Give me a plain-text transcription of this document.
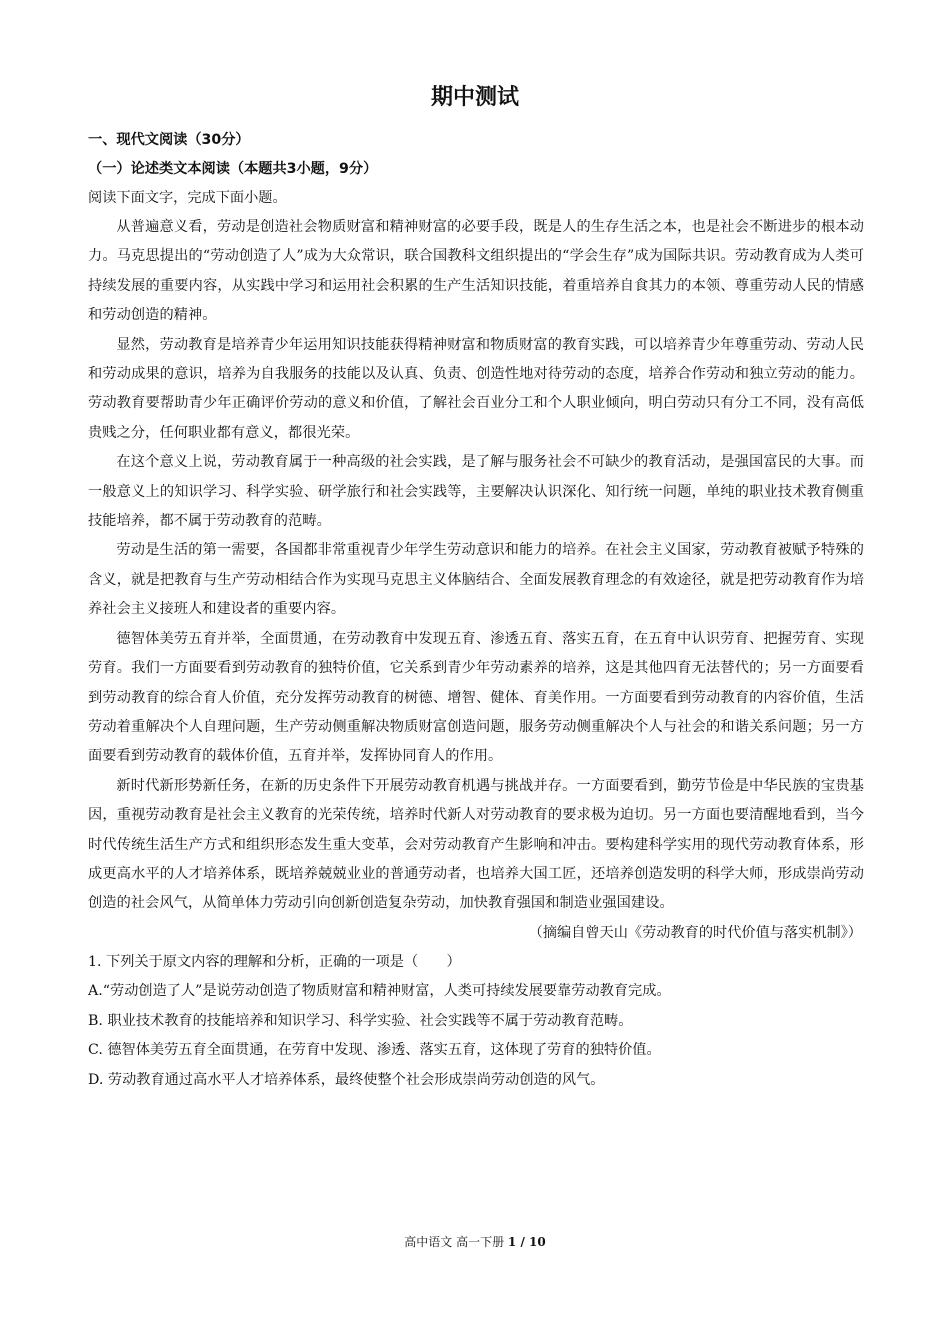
期中测试
一、现代文阅读（30分）
（一）论述类文本阅读（本题共3小题，9分）
阅读下面文字，完成下面小题。

从普遍意义看，劳动是创造社会物质财富和精神财富的必要手段，既是人的生存生活之本，也是社会不断进步的根本动力。马克思提出的“劳动创造了人”成为大众常识，联合国教科文组织提出的“学会生存”成为国际共识。劳动教育成为人类可持续发展的重要内容，从实践中学习和运用社会积累的生产生活知识技能，着重培养自食其力的本领、尊重劳动人民的情感和劳动创造的精神。

显然，劳动教育是培养青少年运用知识技能获得精神财富和物质财富的教育实践，可以培养青少年尊重劳动、劳动人民和劳动成果的意识，培养为自我服务的技能以及认真、负责、创造性地对待劳动的态度，培养合作劳动和独立劳动的能力。劳动教育要帮助青少年正确评价劳动的意义和价值，了解社会百业分工和个人职业倾向，明白劳动只有分工不同，没有高低贵贱之分，任何职业都有意义，都很光荣。

在这个意义上说，劳动教育属于一种高级的社会实践，是了解与服务社会不可缺少的教育活动，是强国富民的大事。而一般意义上的知识学习、科学实验、研学旅行和社会实践等，主要解决认识深化、知行统一问题，单纯的职业技术教育侧重技能培养，都不属于劳动教育的范畴。

劳动是生活的第一需要，各国都非常重视青少年学生劳动意识和能力的培养。在社会主义国家，劳动教育被赋予特殊的含义，就是把教育与生产劳动相结合作为实现马克思主义体脑结合、全面发展教育理念的有效途径，就是把劳动教育作为培养社会主义接班人和建设者的重要内容。

德智体美劳五育并举，全面贯通，在劳动教育中发现五育、渗透五育、落实五育，在五育中认识劳育、把握劳育、实现劳育。我们一方面要看到劳动教育的独特价值，它关系到青少年劳动素养的培养，这是其他四育无法替代的；另一方面要看到劳动教育的综合育人价值，充分发挥劳动教育的树德、增智、健体、育美作用。一方面要看到劳动教育的内容价值，生活劳动着重解决个人自理问题，生产劳动侧重解决物质财富创造问题，服务劳动侧重解决个人与社会的和谐关系问题；另一方面要看到劳动教育的载体价值，五育并举，发挥协同育人的作用。

新时代新形势新任务，在新的历史条件下开展劳动教育机遇与挑战并存。一方面要看到，勤劳节俭是中华民族的宝贵基因，重视劳动教育是社会主义教育的光荣传统，培养时代新人对劳动教育的要求极为迫切。另一方面也要清醒地看到，当今时代传统生活生产方式和组织形态发生重大变革，会对劳动教育产生影响和冲击。要构建科学实用的现代劳动教育体系，形成更高水平的人才培养体系，既培养兢兢业业的普通劳动者，也培养大国工匠，还培养创造发明的科学大师，形成崇尚劳动创造的社会风气，从简单体力劳动引向创新创造复杂劳动，加快教育强国和制造业强国建设。

（摘编自曾天山《劳动教育的时代价值与落实机制》）
1. 下列关于原文内容的理解和分析，正确的一项是（　　）
A.“劳动创造了人”是说劳动创造了物质财富和精神财富，人类可持续发展要靠劳动教育完成。
B. 职业技术教育的技能培养和知识学习、科学实验、社会实践等不属于劳动教育范畴。
C. 德智体美劳五育全面贯通，在劳育中发现、渗透、落实五育，这体现了劳育的独特价值。
D. 劳动教育通过高水平人才培养体系，最终使整个社会形成崇尚劳动创造的风气。
高中语文 高一下册 1 / 10
